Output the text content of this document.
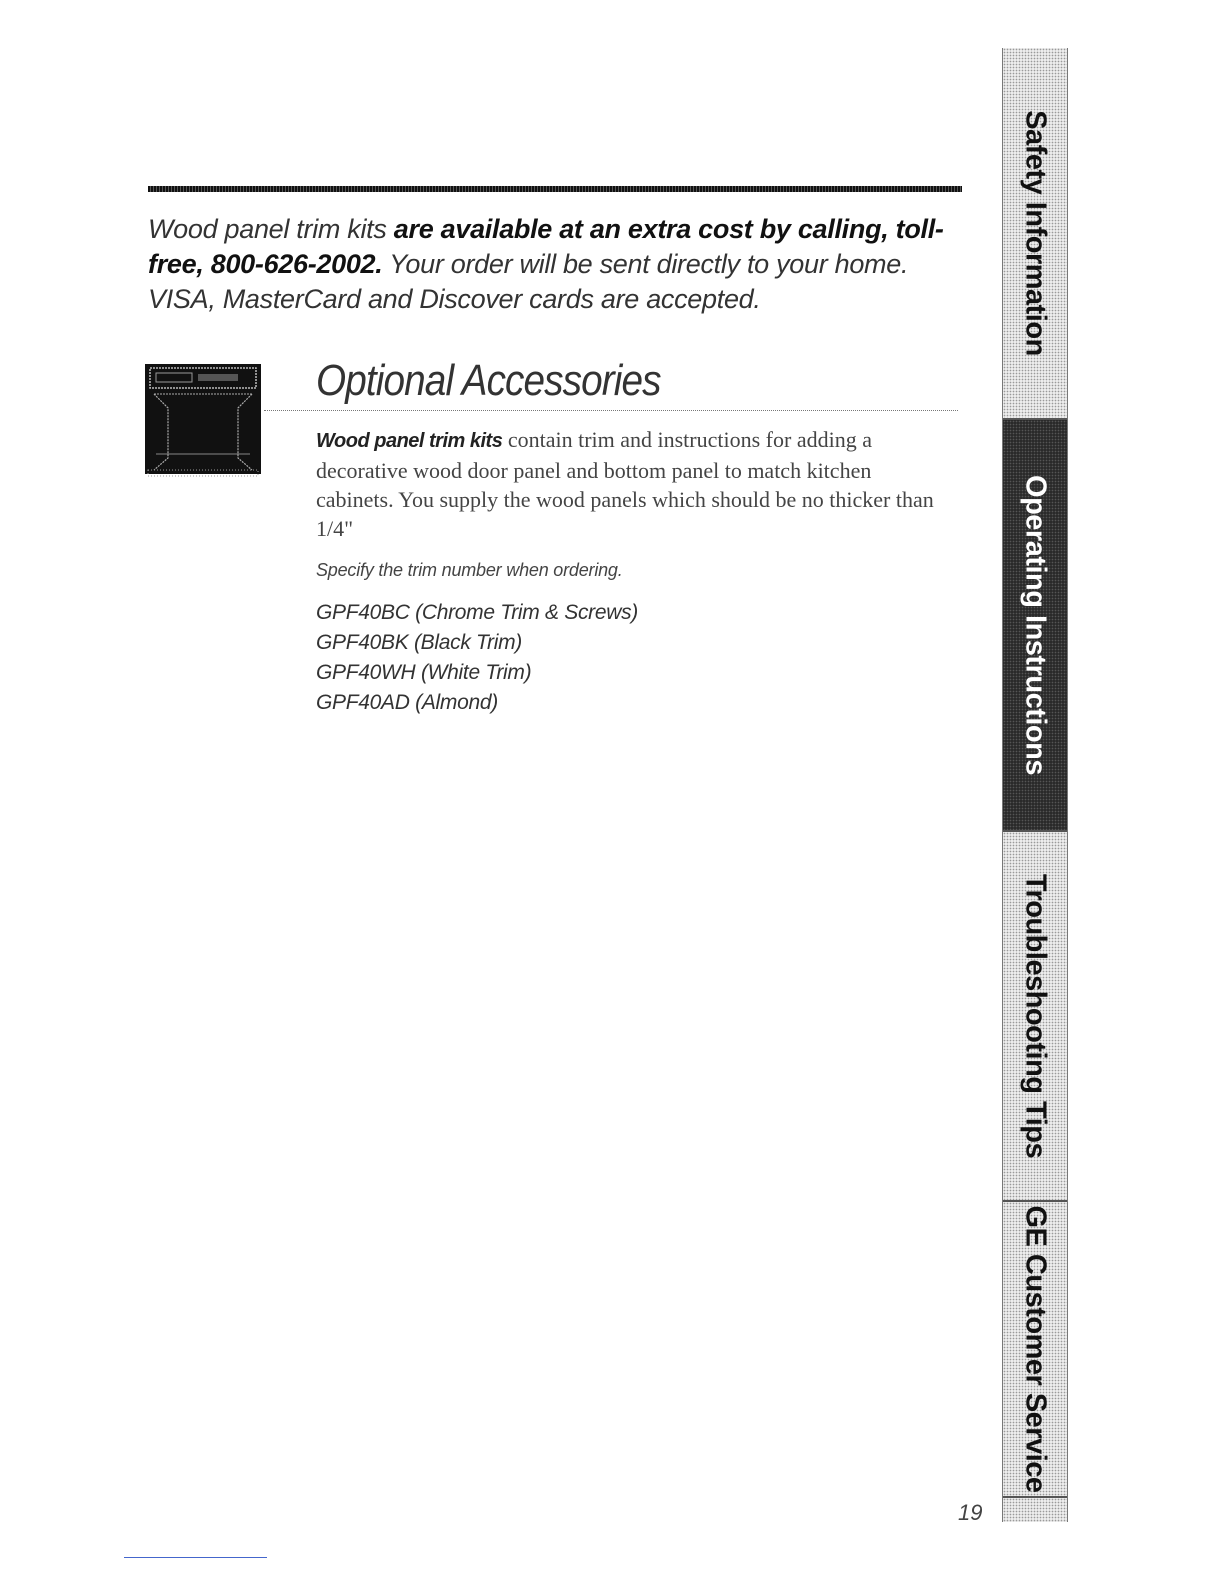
Wood panel trim kits are available at an extra cost by calling, toll-free, 800-626-2002. Your order will be sent directly to your home. VISA, MasterCard and Discover cards are accepted.

Optional Accessories

Wood panel trim kits contain trim and instructions for adding a decorative wood door panel and bottom panel to match kitchen cabinets. You supply the wood panels which should be no thicker than 1/4"

Specify the trim number when ordering.
GPF40BC (Chrome Trim & Screws)
GPF40BK (Black Trim)
GPF40WH (White Trim)
GPF40AD (Almond)
Safety Information
Operating Instructions
Troubleshooting Tips
GE Customer Service
19
